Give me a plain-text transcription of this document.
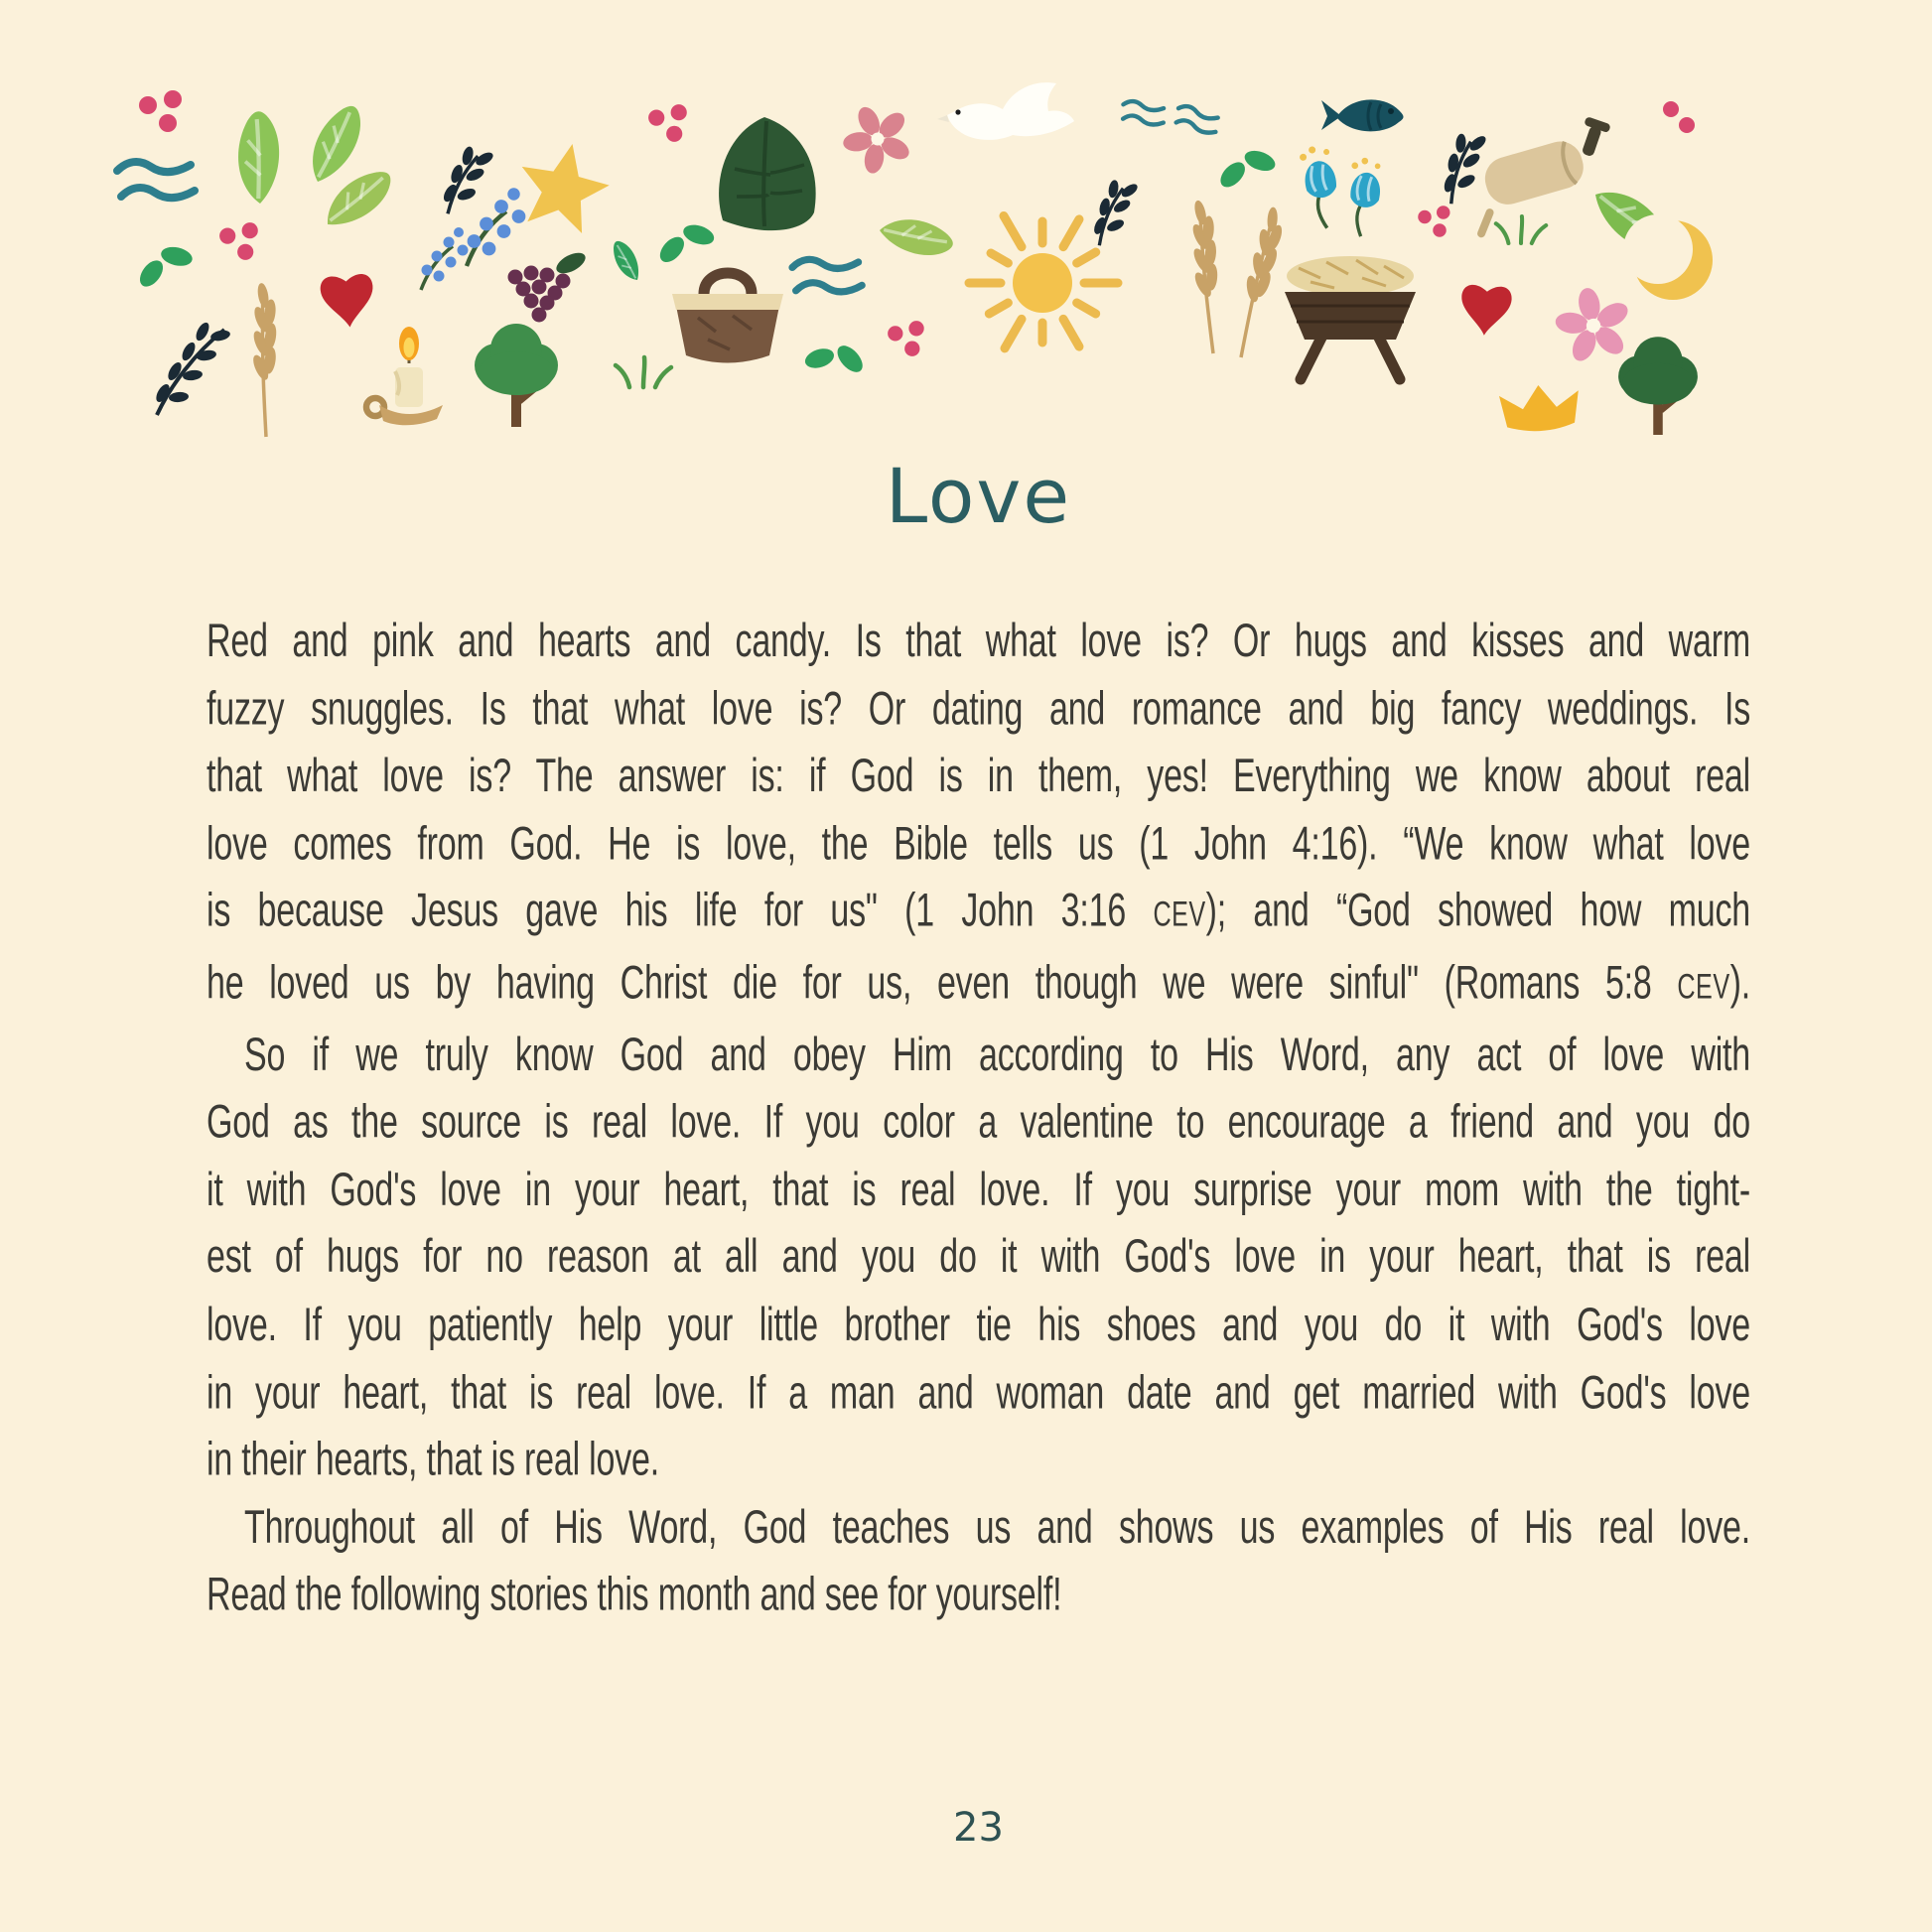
Love
Red and pink and hearts and candy. Is that what love is? Or hugs and kisses and warm
fuzzy snuggles. Is that what love is? Or dating and romance and big fancy weddings. Is
that what love is? The answer is: if God is in them, yes! Everything we know about real
love comes from God. He is love, the Bible tells us (1 John 4:16). “We know what love
is because Jesus gave his life for us" (1 John 3:16 CEV); and “God showed how much
he loved us by having Christ die for us, even though we were sinful" (Romans 5:8 CEV).
So if we truly know God and obey Him according to His Word, any act of love with
God as the source is real love. If you color a valentine to encourage a friend and you do
it with God's love in your heart, that is real love. If you surprise your mom with the tight-
est of hugs for no reason at all and you do it with God's love in your heart, that is real
love. If you patiently help your little brother tie his shoes and you do it with God's love
in your heart, that is real love. If a man and woman date and get married with God's love
in their hearts, that is real love.
Throughout all of His Word, God teaches us and shows us examples of His real love.
Read the following stories this month and see for yourself!
23
